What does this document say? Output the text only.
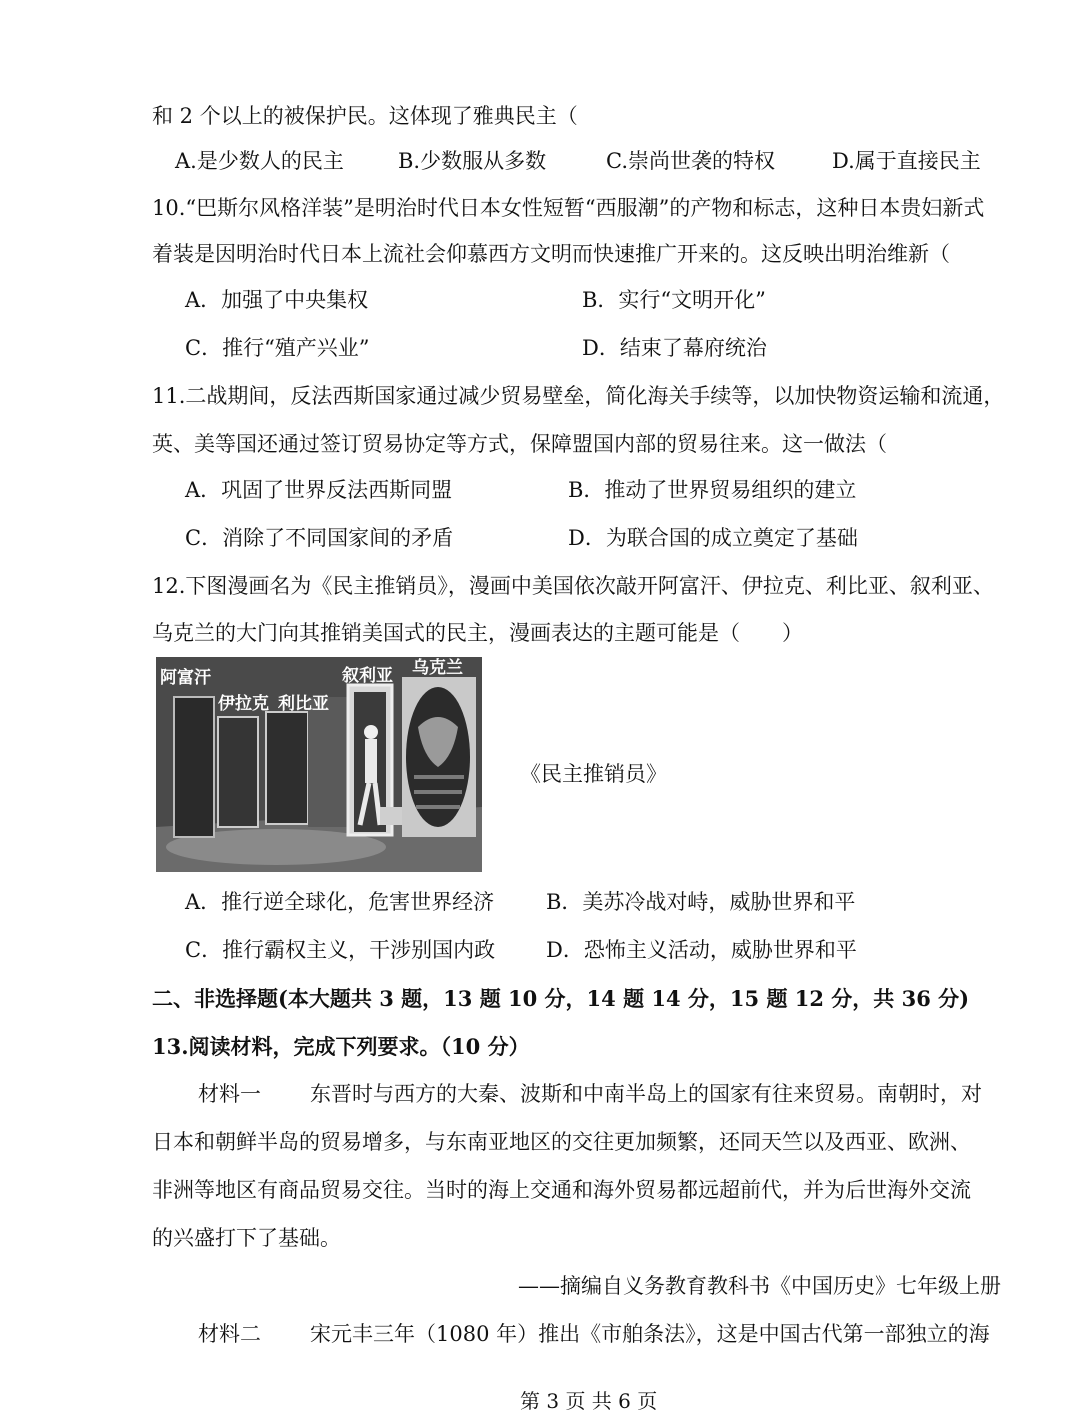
和 2 个以上的被保护民。这体现了雅典民主（
A.是少数人的民主	B.少数服从多数	C.崇尚世袭的特权	D.属于直接民主
10.“巴斯尔风格洋装”是明治时代日本女性短暂“西服潮”的产物和标志，这种日本贵妇新式
着装是因明治时代日本上流社会仰慕西方文明而快速推广开来的。这反映出明治维新（
A．加强了中央集权	B．实行“文明开化”
C．推行“殖产兴业”	D．结束了幕府统治
11.二战期间，反法西斯国家通过减少贸易壁垒，简化海关手续等，以加快物资运输和流通，
英、美等国还通过签订贸易协定等方式，保障盟国内部的贸易往来。这一做法（
A．巩固了世界反法西斯同盟	B．推动了世界贸易组织的建立
C．消除了不同国家间的矛盾	D．为联合国的成立奠定了基础
12.下图漫画名为《民主推销员》，漫画中美国依次敲开阿富汗、伊拉克、利比亚、叙利亚、
乌克兰的大门向其推销美国式的民主，漫画表达的主题可能是（　　）
阿富汗
伊拉克 利比亚
叙利亚 乌克兰
《民主推销员》
A．推行逆全球化，危害世界经济 B．美苏冷战对峙，威胁世界和平
C．推行霸权主义，干涉别国内政 D．恐怖主义活动，威胁世界和平
二、非选择题(本大题共 3 题，13 题 10 分，14 题 14 分，15 题 12 分，共 36 分)
13.阅读材料，完成下列要求。（10 分）
材料一 东晋时与西方的大秦、波斯和中南半岛上的国家有往来贸易。南朝时，对
日本和朝鲜半岛的贸易增多，与东南亚地区的交往更加频繁，还同天竺以及西亚、欧洲、
非洲等地区有商品贸易交往。当时的海上交通和海外贸易都远超前代，并为后世海外交流
的兴盛打下了基础。
——摘编自义务教育教科书《中国历史》七年级上册
材料二 宋元丰三年（1080 年）推出《市舶条法》，这是中国古代第一部独立的海
第 3 页 共 6 页
